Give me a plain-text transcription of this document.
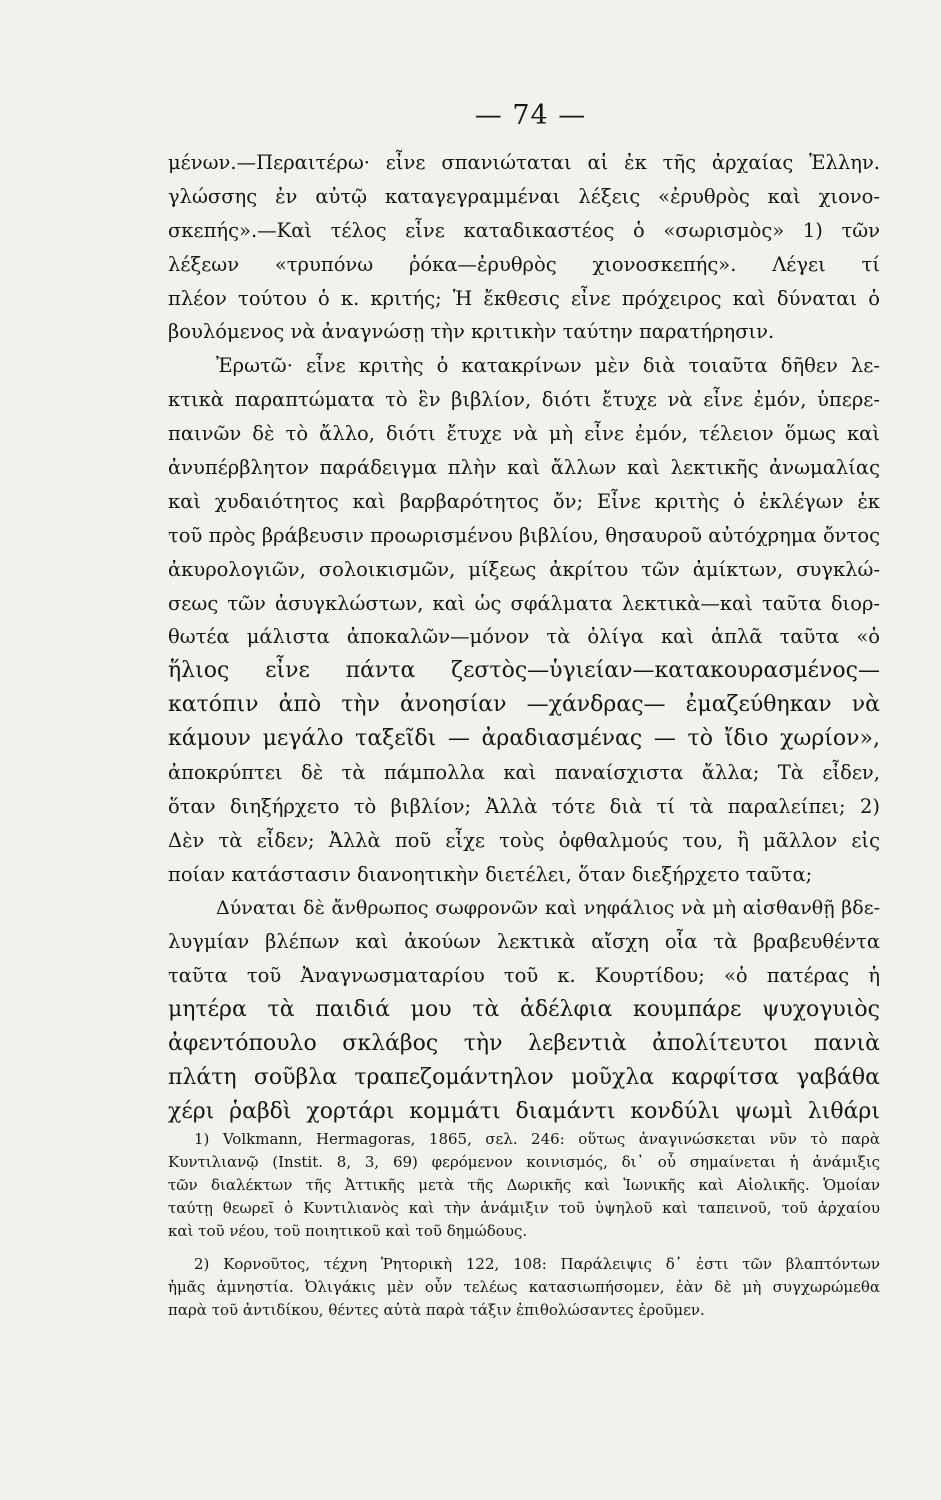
— 74 —
μένων.—Περαιτέρω· εἶνε σπανιώταται αἱ ἐκ τῆς ἀρχαίας Ἑλλην.
γλώσσης ἐν αὐτῷ καταγεγραμμέναι λέξεις «ἐρυθρὸς καὶ χιονο-
σκεπής».—Καὶ τέλος εἶνε καταδικαστέος ὁ «σωρισμὸς» 1) τῶν
λέξεων «τρυπόνω ῥόκα—ἐρυθρὸς χιονοσκεπής». Λέγει τί
πλέον τούτου ὁ κ. κριτής; Ἡ ἔκθεσις εἶνε πρόχειρος καὶ δύναται ὁ
βουλόμενος νὰ ἀναγνώσῃ τὴν κριτικὴν ταύτην παρατήρησιν.
Ἐρωτῶ· εἶνε κριτὴς ὁ κατακρίνων μὲν διὰ τοιαῦτα δῆθεν λε-
κτικὰ παραπτώματα τὸ ἓν βιβλίον, διότι ἔτυχε νὰ εἶνε ἐμόν, ὑπερε-
παινῶν δὲ τὸ ἄλλο, διότι ἔτυχε νὰ μὴ εἶνε ἐμόν, τέλειον ὅμως καὶ
ἀνυπέρβλητον παράδειγμα πλὴν καὶ ἄλλων καὶ λεκτικῆς ἀνωμαλίας
καὶ χυδαιότητος καὶ βαρβαρότητος ὄν; Εἶνε κριτὴς ὁ ἐκλέγων ἐκ
τοῦ πρὸς βράβευσιν προωρισμένου βιβλίου, θησαυροῦ αὐτόχρημα ὄντος
ἀκυρολογιῶν, σολοικισμῶν, μίξεως ἀκρίτου τῶν ἀμίκτων, συγκλώ-
σεως τῶν ἀσυγκλώστων, καὶ ὡς σφάλματα λεκτικὰ—καὶ ταῦτα διορ-
θωτέα μάλιστα ἀποκαλῶν—μόνον τὰ ὀλίγα καὶ ἁπλᾶ ταῦτα «ὁ
ἥλιος εἶνε πάντα ζεστὸς—ὑγιείαν—κατακουρασμένος—
κατόπιν ἀπὸ τὴν ἀνοησίαν —χάνδρας— ἐμαζεύθηκαν νὰ
κάμουν μεγάλο ταξεῖδι — ἀραδιασμένας — τὸ ἴδιο χωρίον»,
ἀποκρύπτει δὲ τὰ πάμπολλα καὶ παναίσχιστα ἄλλα; Τὰ εἶδεν,
ὅταν διηξήρχετο τὸ βιβλίον; Ἀλλὰ τότε διὰ τί τὰ παραλείπει; 2)
Δὲν τὰ εἶδεν; Ἀλλὰ ποῦ εἶχε τοὺς ὀφθαλμούς του, ἢ μᾶλλον εἰς
ποίαν κατάστασιν διανοητικὴν διετέλει, ὅταν διεξήρχετο ταῦτα;
Δύναται δὲ ἄνθρωπος σωφρονῶν καὶ νηφάλιος νὰ μὴ αἰσθανθῇ βδε-
λυγμίαν βλέπων καὶ ἀκούων λεκτικὰ αἴσχη οἷα τὰ βραβευθέντα
ταῦτα τοῦ Ἀναγνωσματαρίου τοῦ κ. Κουρτίδου; «ὁ πατέρας ἡ
μητέρα τὰ παιδιά μου τὰ ἀδέλφια κουμπάρε ψυχογυιὸς
ἀφεντόπουλο σκλάβος τὴν λεβεντιὰ ἀπολίτευτοι πανιὰ
πλάτη σοῦβλα τραπεζομάντηλον μοῦχλα καρφίτσα γαβάθα
χέρι ῥαβδὶ χορτάρι κομμάτι διαμάντι κονδύλι ψωμὶ λιθάρι
1) Volkmann, Hermagoras, 1865, σελ. 246: οὕτως ἀναγινώσκεται νῦν τὸ παρὰ
Κυντιλιανῷ (Instit. 8, 3, 69) φερόμενον κοινισμός, δι᾿ οὗ σημαίνεται ἡ ἀνάμιξις
τῶν διαλέκτων τῆς Ἀττικῆς μετὰ τῆς Δωρικῆς καὶ Ἰωνικῆς καὶ Αἰολικῆς. Ὁμοίαν
ταύτῃ θεωρεῖ ὁ Κυντιλιανὸς καὶ τὴν ἀνάμιξιν τοῦ ὑψηλοῦ καὶ ταπεινοῦ, τοῦ ἀρχαίου
καὶ τοῦ νέου, τοῦ ποιητικοῦ καὶ τοῦ δημώδους.
2) Κορνοῦτος, τέχνη Ῥητορικὴ 122, 108: Παράλειψις δ᾿ ἐστι τῶν βλαπτόντων
ἡμᾶς ἀμνηστία. Ὀλιγάκις μὲν οὖν τελέως κατασιωπήσομεν, ἐὰν δὲ μὴ συγχωρώμεθα
παρὰ τοῦ ἀντιδίκου, θέντες αὐτὰ παρὰ τάξιν ἐπιθολώσαντες ἐροῦμεν.
